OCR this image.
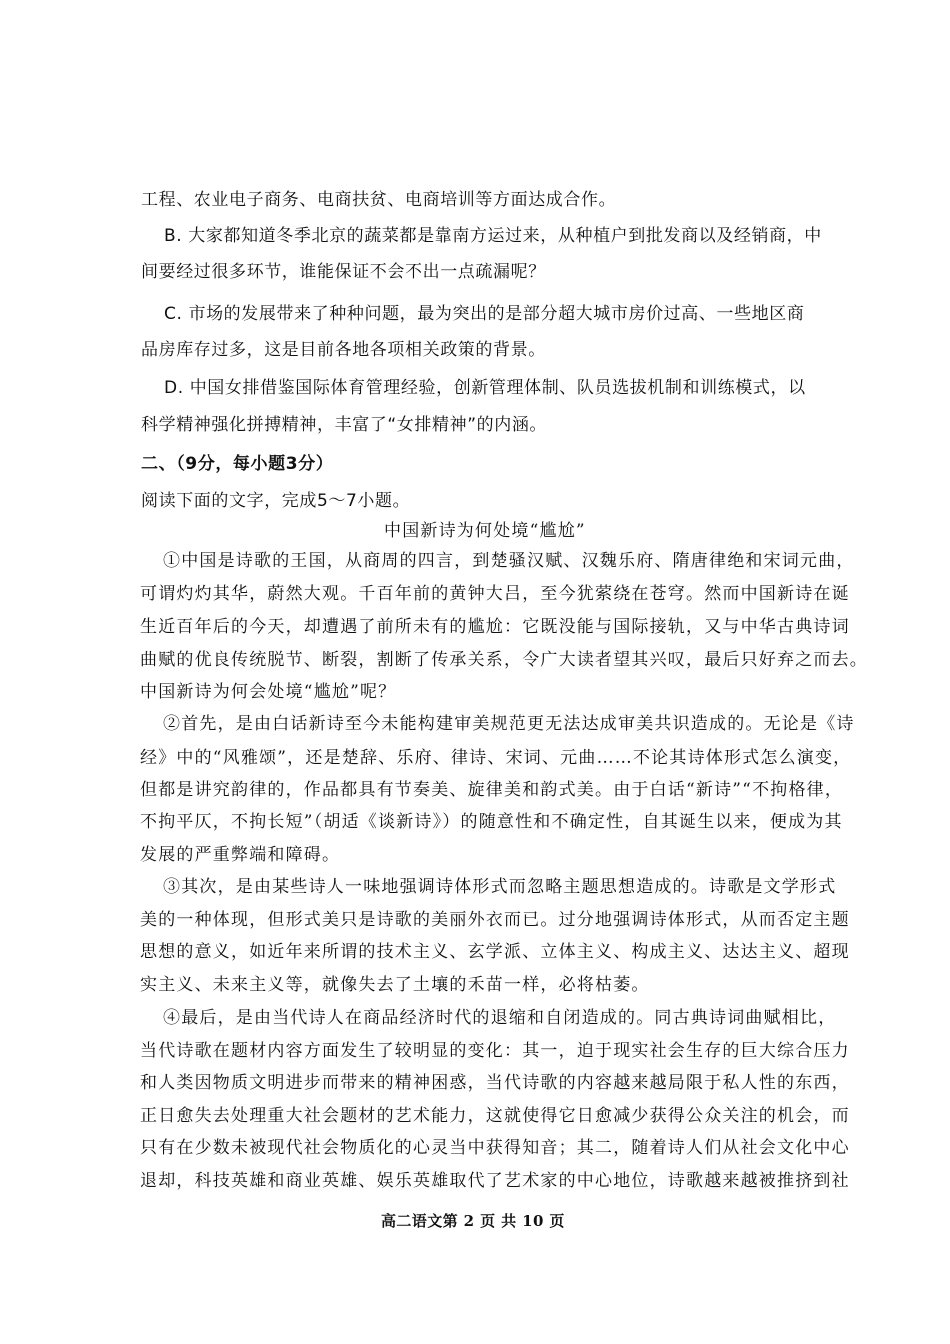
工程、农业电子商务、电商扶贫、电商培训等方面达成合作。

B. 大家都知道冬季北京的蔬菜都是靠南方运过来，从种植户到批发商以及经销商，中

间要经过很多环节，谁能保证不会不出一点疏漏呢？

C. 市场的发展带来了种种问题，最为突出的是部分超大城市房价过高、一些地区商

品房库存过多，这是目前各地各项相关政策的背景。

D. 中国女排借鉴国际体育管理经验，创新管理体制、队员选拔机制和训练模式，以

科学精神强化拼搏精神，丰富了“女排精神”的内涵。

二、（9分，每小题3分）

阅读下面的文字，完成5～7小题。

中国新诗为何处境“尴尬”

①中国是诗歌的王国，从商周的四言，到楚骚汉赋、汉魏乐府、隋唐律绝和宋词元曲，

可谓灼灼其华，蔚然大观。千百年前的黄钟大吕，至今犹萦绕在苍穹。然而中国新诗在诞

生近百年后的今天，却遭遇了前所未有的尴尬：它既没能与国际接轨，又与中华古典诗词

曲赋的优良传统脱节、断裂，割断了传承关系，令广大读者望其兴叹，最后只好弃之而去。

中国新诗为何会处境“尴尬”呢？

②首先，是由白话新诗至今未能构建审美规范更无法达成审美共识造成的。无论是《诗

经》中的“风雅颂”，还是楚辞、乐府、律诗、宋词、元曲……不论其诗体形式怎么演变，

但都是讲究韵律的，作品都具有节奏美、旋律美和韵式美。由于白话“新诗”“不拘格律，

不拘平仄，不拘长短”（胡适《谈新诗》）的随意性和不确定性，自其诞生以来，便成为其

发展的严重弊端和障碍。

③其次，是由某些诗人一味地强调诗体形式而忽略主题思想造成的。诗歌是文学形式

美的一种体现，但形式美只是诗歌的美丽外衣而已。过分地强调诗体形式，从而否定主题

思想的意义，如近年来所谓的技术主义、玄学派、立体主义、构成主义、达达主义、超现

实主义、未来主义等，就像失去了土壤的禾苗一样，必将枯萎。

④最后，是由当代诗人在商品经济时代的退缩和自闭造成的。同古典诗词曲赋相比，

当代诗歌在题材内容方面发生了较明显的变化：其一，迫于现实社会生存的巨大综合压力

和人类因物质文明进步而带来的精神困惑，当代诗歌的内容越来越局限于私人性的东西，

正日愈失去处理重大社会题材的艺术能力，这就使得它日愈减少获得公众关注的机会，而

只有在少数未被现代社会物质化的心灵当中获得知音；其二，随着诗人们从社会文化中心

退却，科技英雄和商业英雄、娱乐英雄取代了艺术家的中心地位，诗歌越来越被推挤到社

高二语文第 2 页 共 10 页
